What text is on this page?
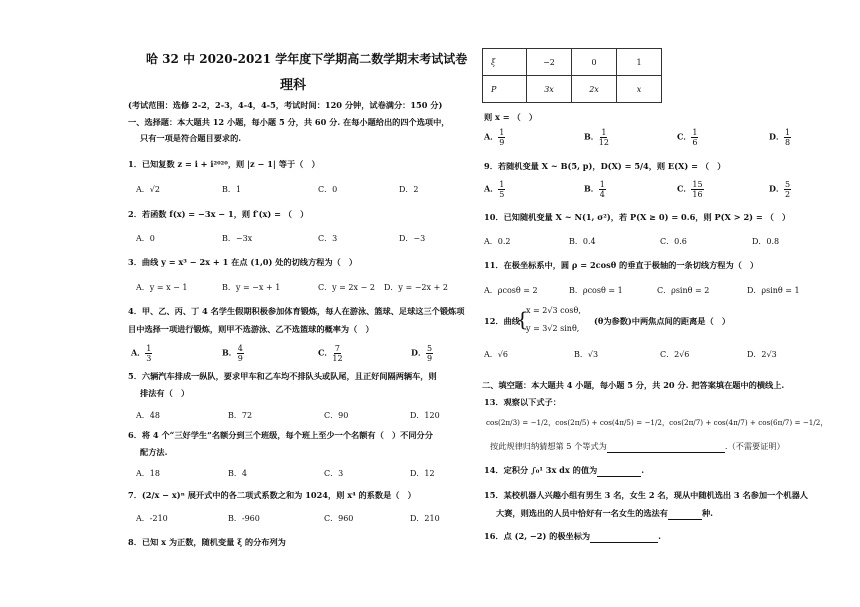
哈 32 中 2020-2021 学年度下学期高二数学期末考试试卷
理科
(考试范围：选修 2-2，2-3，4-4，4-5，考试时间：120 分钟，试卷满分：150 分)
一、选择题：本大题共 12 小题，每小题 5 分，共 60 分. 在每小题给出的四个选项中，
只有一项是符合题目要求的.
1．已知复数 z = i + i²⁰²⁰，则 |z − 1| 等于（　）
A．√2	B．1	C．0	D．2
2．若函数 f(x) = −3x − 1，则 f′(x) = （　）
A．0	B．−3x	C．3	D．−3
3．曲线 y = x³ − 2x + 1 在点 (1,0) 处的切线方程为（　）
A．y = x − 1	B．y = −x + 1	C．y = 2x − 2 D．y = −2x + 2
4．甲、乙、丙、丁 4 名学生假期积极参加体育锻炼，每人在游泳、篮球、足球这三个锻炼项
目中选择一项进行锻炼，则甲不选游泳、乙不选篮球的概率为（　）
A． $\frac{1}{3}$	B． $\frac{4}{9}$	C． $\frac{7}{12}$	D． $\frac{5}{9}$
5．六辆汽车排成一纵队，要求甲车和乙车均不排队头或队尾，且正好间隔两辆车，则
排法有（　）
A．48	B．72	C．90	D．120
6．将 4 个“三好学生”名额分到三个班级，每个班上至少一个名额有（　）不同分分
配方法.
A．18	B．4	C．3	D．12
7．(2/x − x)ⁿ 展开式中的各二项式系数之和为 1024，则 x⁴ 的系数是（　）
A．-210	B．-960	C．960	D．210
8．已知 x 为正数，随机变量 ξ 的分布列为
ξ	−2	0	1
P	3x	2x	x
则 x = （　）
A． $\frac{1}{9}$	B． $\frac{1}{12}$	C． $\frac{1}{6}$	D． $\frac{1}{8}$
9．若随机变量 X ~ B(5, p)，D(X) = 5/4，则 E(X) = （　）
A． $\frac{1}{5}$	B． $\frac{1}{4}$	C． $\frac{15}{16}$	D． $\frac{5}{2}$
10．已知随机变量 X ~ N(1, σ²)，若 P(X ≥ 0) = 0.6，则 P(X > 2) = （　）
A．0.2	B．0.4	C．0.6	D．0.8
11．在极坐标系中，圆 ρ = 2cosθ 的垂直于极轴的一条切线方程为（　）
A．ρcosθ = 2	B．ρcosθ = 1	C．ρsinθ = 2	D．ρsinθ = 1
12．曲线
{
x = 2√3 cosθ,
y = 3√2 sinθ,
(θ为参数)中两焦点间的距离是（　）
A．√6	B．√3	C．2√6	D．2√3
二、填空题：本大题共 4 小题，每小题 5 分，共 20 分. 把答案填在题中的横线上.
13．观察以下式子：
cos(2π/3) = −1/2，cos(2π/5) + cos(4π/5) = −1/2，cos(2π/7) + cos(4π/7) + cos(6π/7) = −1/2，
按此规律归纳猜想第 5 个等式为	.（不需要证明）
14．定积分 ∫₀¹ 3x dx 的值为	.
15．某校机器人兴趣小组有男生 3 名，女生 2 名，现从中随机选出 3 名参加一个机器人
大赛，则选出的人员中恰好有一名女生的选法有	种.
16．点 (2, −2) 的极坐标为	.
